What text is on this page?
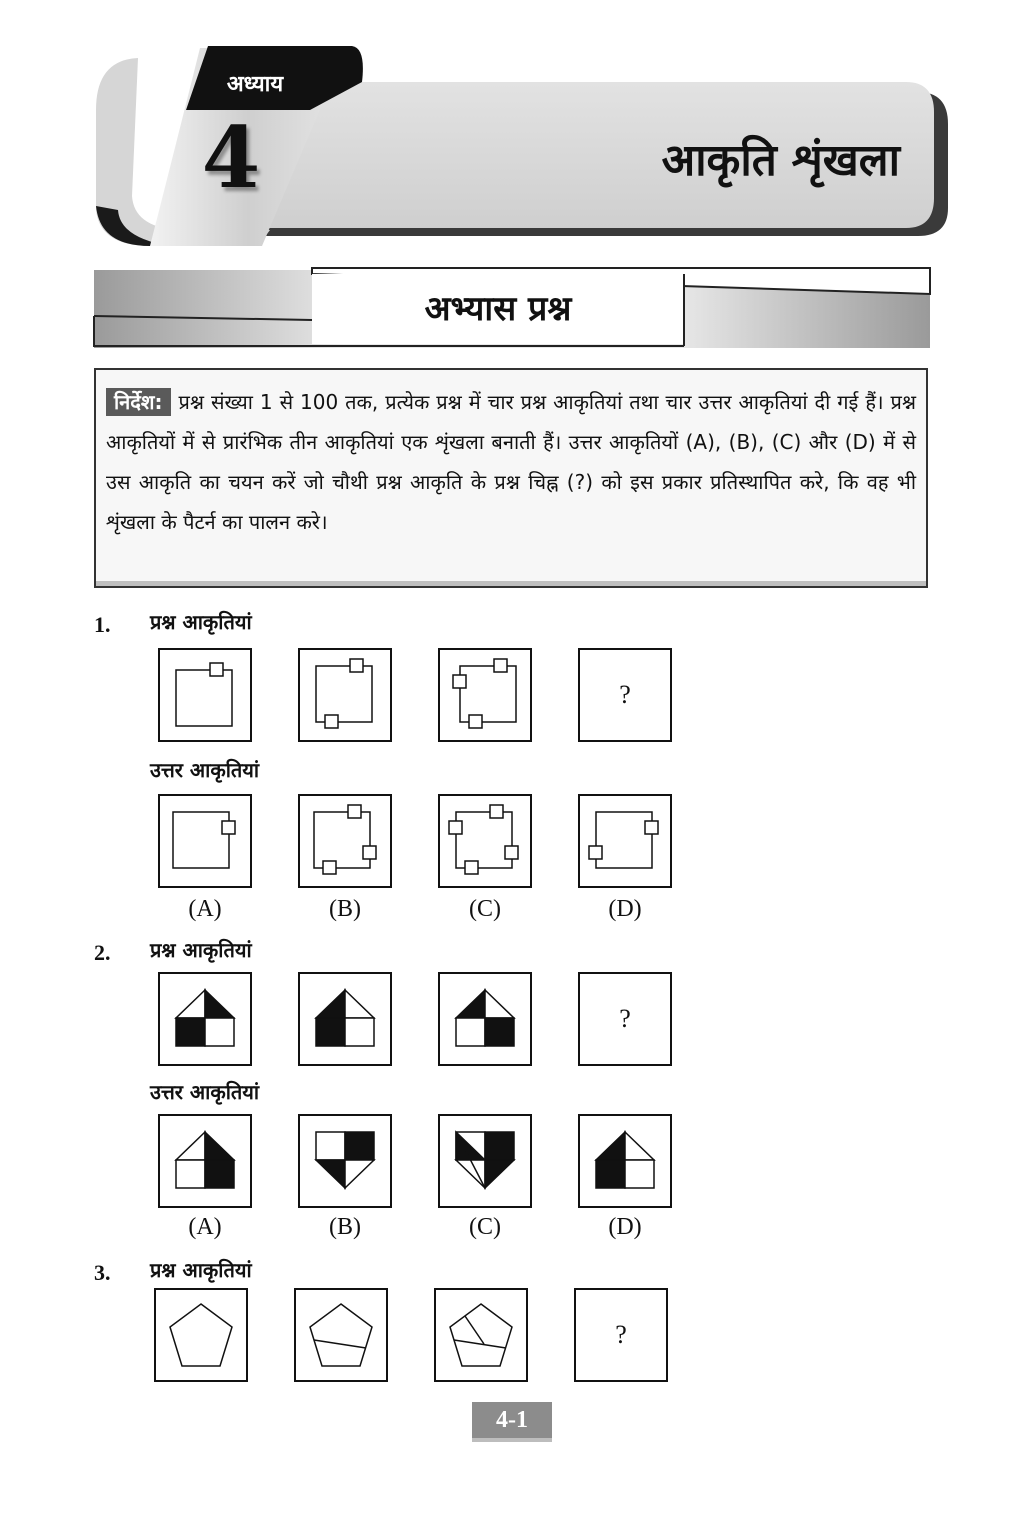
अध्याय
4	आकृति शृंखला
अभ्यास प्रश्न
निर्देश: प्रश्न संख्या 1 से 100 तक, प्रत्येक प्रश्न में चार प्रश्न आकृतियां तथा चार उत्तर आकृतियां दी गई हैं। प्रश्न आकृतियों में से प्रारंभिक तीन आकृतियां एक शृंखला बनाती हैं। उत्तर आकृतियों (A), (B), (C) और (D) में से उस आकृति का चयन करें जो चौथी प्रश्न आकृति के प्रश्न चिह्न (?) को इस प्रकार प्रतिस्थापित करे, कि वह भी शृंखला के पैटर्न का पालन करे।
1. प्रश्न आकृतियां
?
उत्तर आकृतियां
(A)	(B)	(C)	(D)
2. प्रश्न आकृतियां
?
उत्तर आकृतियां
(A)	(B)	(C)	(D)
3. प्रश्न आकृतियां
?
4-1
